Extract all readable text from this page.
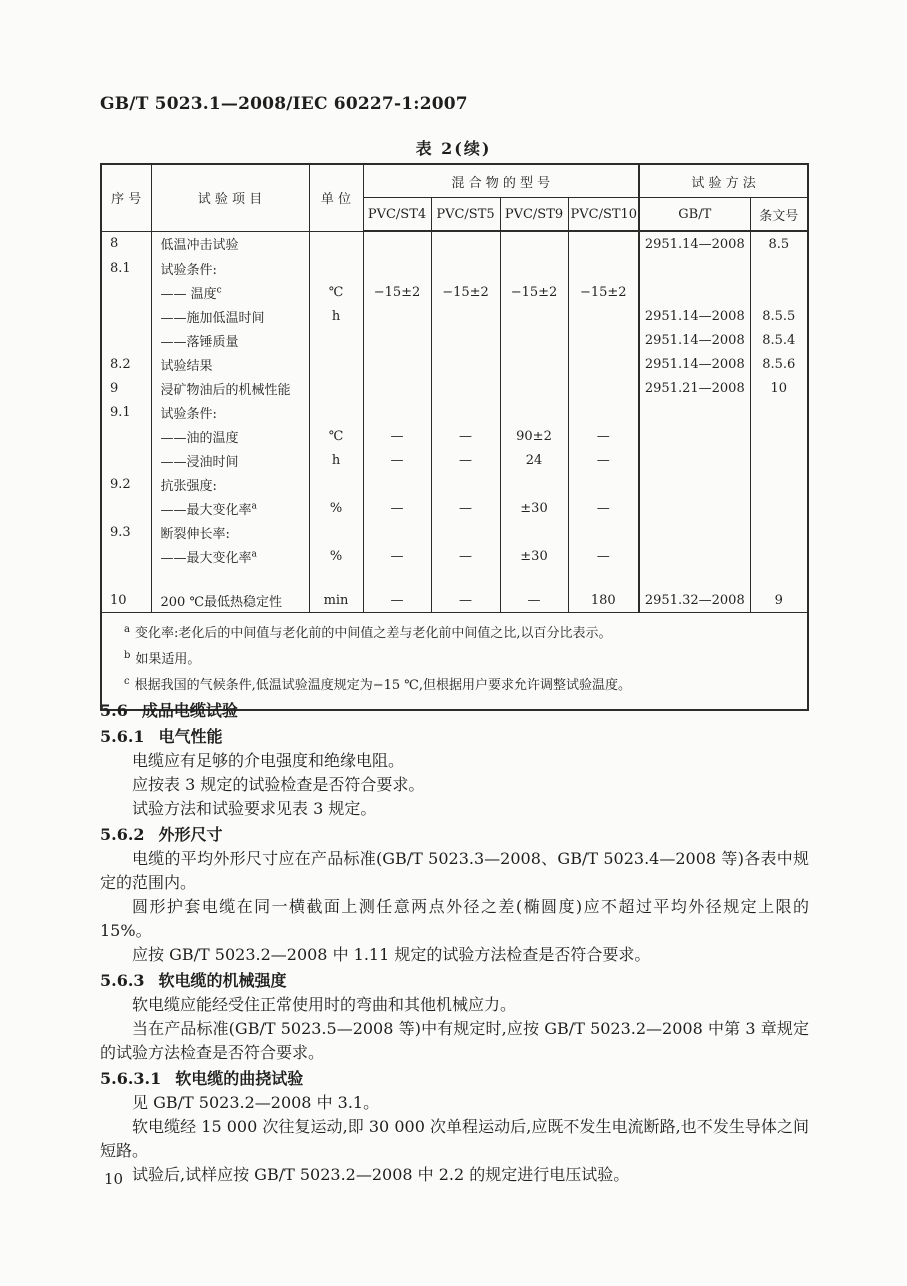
GB/T 5023.1—2008/IEC 60227-1:2007
表 2(续)
序 号	试 验 项 目	单 位	混 合 物 的 型 号				试 验 方 法	
			PVC/ST4	PVC/ST5	PVC/ST9	PVC/ST10	GB/T	条文号
8	低温冲击试验						2951.14—2008	8.5
8.1	试验条件:							
	—— 温度$^c$	℃	−15±2	−15±2	−15±2	−15±2		
	——施加低温时间	h					2951.14—2008	8.5.5
	——落锤质量						2951.14—2008	8.5.4
8.2	试验结果						2951.14—2008	8.5.6
9	浸矿物油后的机械性能						2951.21—2008	10
9.1	试验条件:							
	——油的温度	℃	—	—	90±2	—		
	——浸油时间	h	—	—	24	—		
9.2	抗张强度:							
	——最大变化率$^a$	%	—	—	±30	—		
9.3	断裂伸长率:							
	——最大变化率$^a$	%	—	—	±30	—		

10	200 ℃最低热稳定性	min	—	—	—	180	2951.32—2008	9

$^a$ 变化率:老化后的中间值与老化前的中间值之差与老化前中间值之比,以百分比表示。
$^b$ 如果适用。
$^c$ 根据我国的气候条件,低温试验温度规定为−15 ℃,但根据用户要求允许调整试验温度。								
5.6 成品电缆试验
5.6.1 电气性能
电缆应有足够的介电强度和绝缘电阻。
应按表 3 规定的试验检查是否符合要求。
试验方法和试验要求见表 3 规定。
5.6.2 外形尺寸
电缆的平均外形尺寸应在产品标准(GB/T 5023.3—2008、GB/T 5023.4—2008 等)各表中规定的范围内。
圆形护套电缆在同一横截面上测任意两点外径之差(椭圆度)应不超过平均外径规定上限的 15%。
应按 GB/T 5023.2—2008 中 1.11 规定的试验方法检查是否符合要求。
5.6.3 软电缆的机械强度
软电缆应能经受住正常使用时的弯曲和其他机械应力。
当在产品标准(GB/T 5023.5—2008 等)中有规定时,应按 GB/T 5023.2—2008 中第 3 章规定的试验方法检查是否符合要求。
5.6.3.1 软电缆的曲挠试验
见 GB/T 5023.2—2008 中 3.1。
软电缆经 15 000 次往复运动,即 30 000 次单程运动后,应既不发生电流断路,也不发生导体之间短路。
试验后,试样应按 GB/T 5023.2—2008 中 2.2 的规定进行电压试验。
10
